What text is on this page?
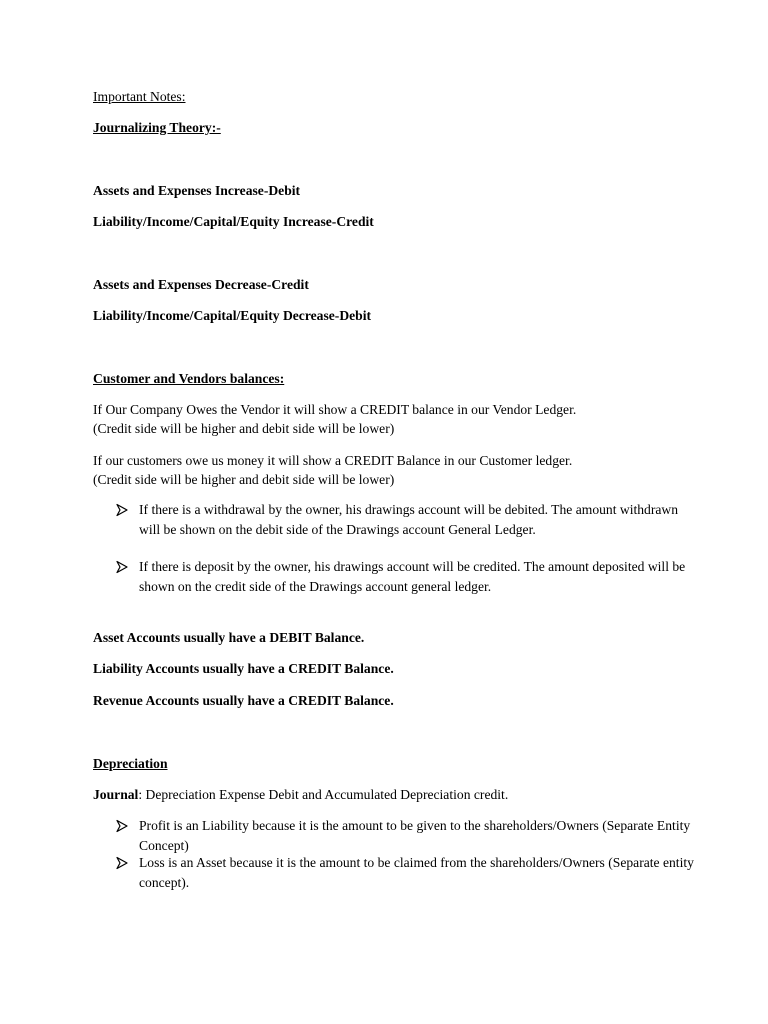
Important Notes:
Journalizing Theory:-
Assets and Expenses Increase-Debit
Liability/Income/Capital/Equity Increase-Credit
Assets and Expenses Decrease-Credit
Liability/Income/Capital/Equity Decrease-Debit
Customer and Vendors balances:
If Our Company Owes the Vendor it will show a CREDIT balance in our Vendor Ledger.
(Credit side will be higher and debit side will be lower)
If our customers owe us money it will show a CREDIT Balance in our Customer ledger.
(Credit side will be higher and debit side will be lower)
If there is a withdrawal by the owner, his drawings account will be debited. The amount withdrawn will be shown on the debit side of the Drawings account General Ledger.
If there is deposit by the owner, his drawings account will be credited. The amount deposited will be shown on the credit side of the Drawings account general ledger.
Asset Accounts usually have a DEBIT Balance.
Liability Accounts usually have a CREDIT Balance.
Revenue Accounts usually have a CREDIT Balance.
Depreciation
Journal: Depreciation Expense Debit and Accumulated Depreciation credit.
Profit is an Liability because it is the amount to be given to the shareholders/Owners (Separate Entity Concept)
Loss is an Asset because it is the amount to be claimed from the shareholders/Owners (Separate entity concept).
